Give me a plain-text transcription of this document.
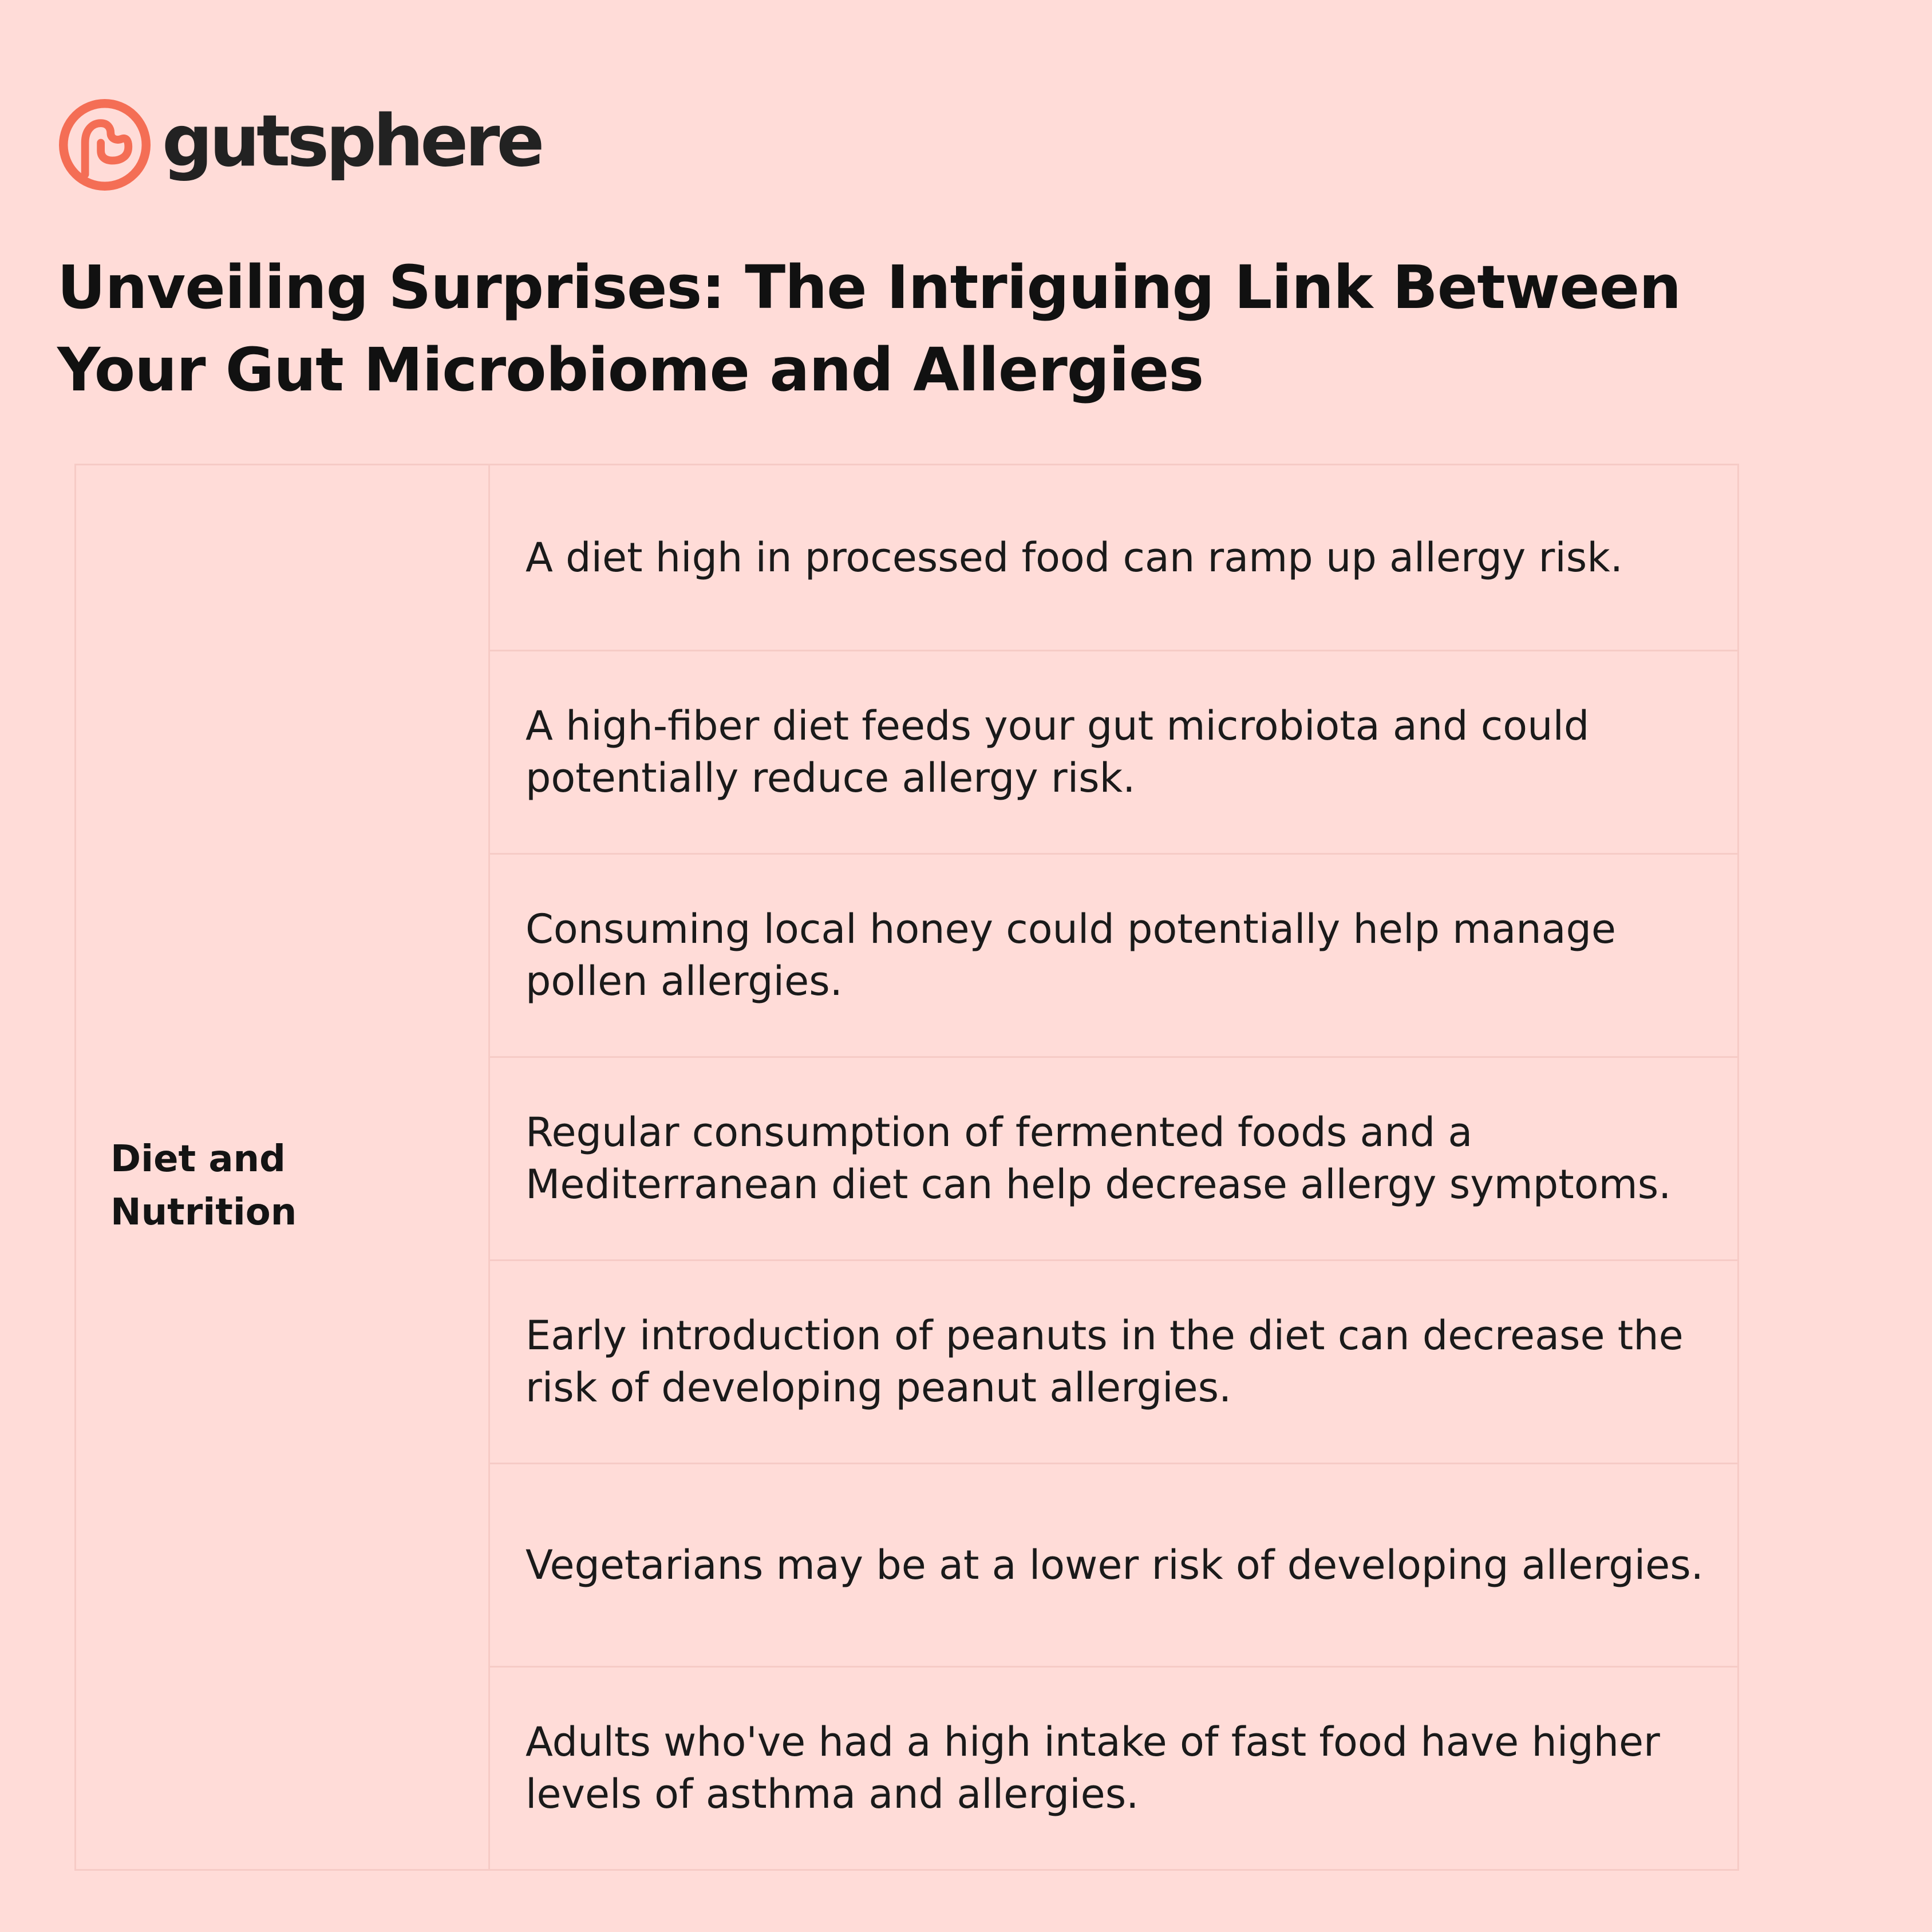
gutsphere
Unveiling Surprises: The Intriguing Link Between Your Gut Microbiome and Allergies
Diet and Nutrition
	A diet high in processed food can ramp up allergy risk.
A high-fiber diet feeds your gut microbiota and could potentially reduce allergy risk.
Consuming local honey could potentially help manage pollen allergies.
Regular consumption of fermented foods and a Mediterranean diet can help decrease allergy symptoms.
Early introduction of peanuts in the diet can decrease the risk of developing peanut allergies.
Vegetarians may be at a lower risk of developing allergies.
Adults who've had a high intake of fast food have higher levels of asthma and allergies.
